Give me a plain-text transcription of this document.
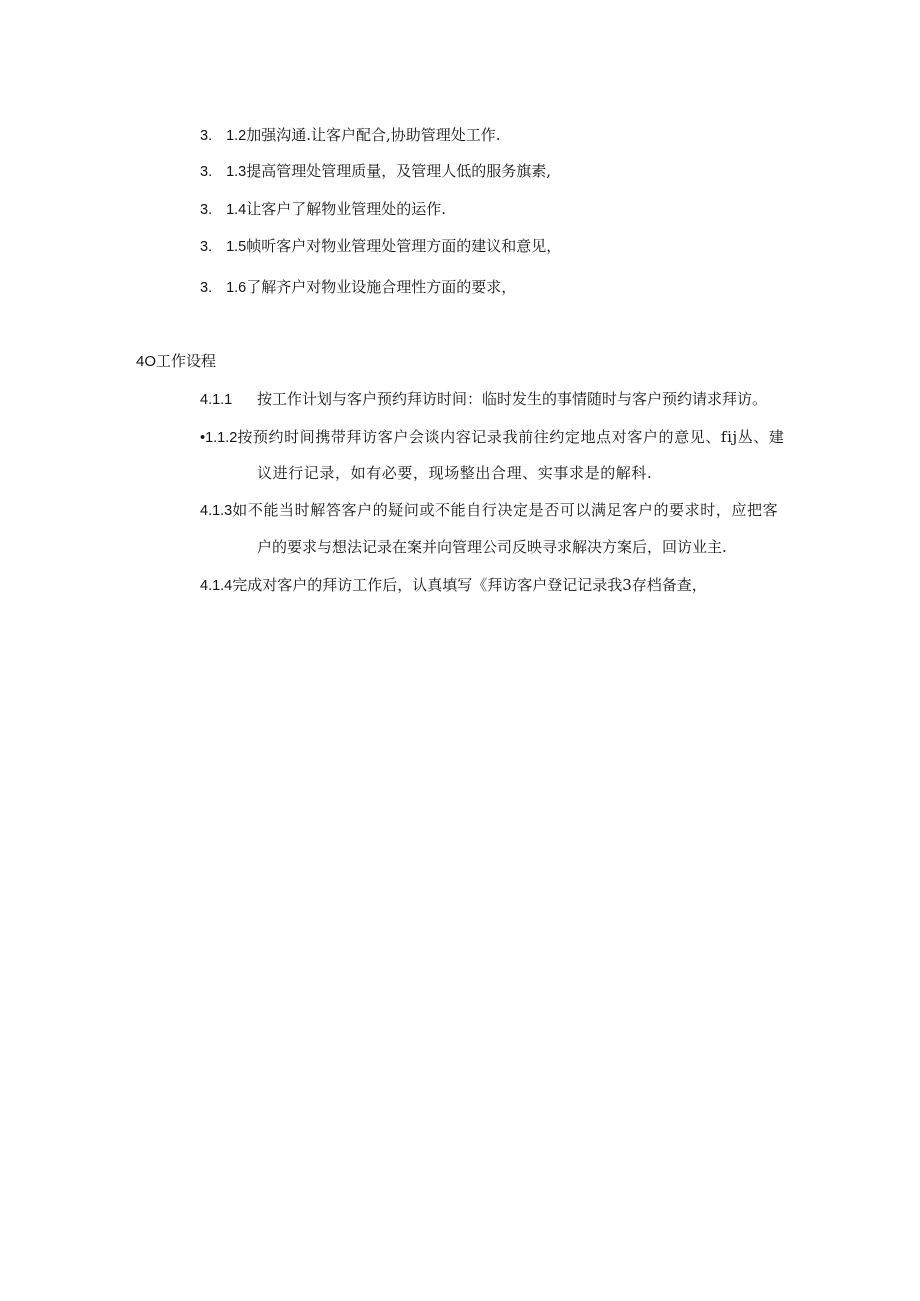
3. 1.2加强沟通.让客户配合,协助管理处工作.
3. 1.3提高管理处管理质量，及管理人低的服务旗素,
3. 1.4让客户了解物业管理处的运作.
3. 1.5帧听客户对物业管理处管理方面的建议和意见，
3. 1.6了解齐户对物业设施合理性方面的要求，
4O工作设程
4.1.1 按工作计划与客户预约拜访时间：临时发生的事情随时与客户预约请求拜访。
•1.1.2按预约时间携带拜访客户会谈内容记录我前往约定地点对客户的意见、fij丛、建
议进行记录，如有必要，现场整出合理、实事求是的解科.
4.1.3如不能当时解答客户的疑问或不能自行决定是否可以满足客户的要求时，应把客
户的要求与想法记录在案并向管理公司反映寻求解决方案后，回访业主.
4.1.4完成对客户的拜访工作后，认真填写《拜访客户登记记录我3存档备查，
